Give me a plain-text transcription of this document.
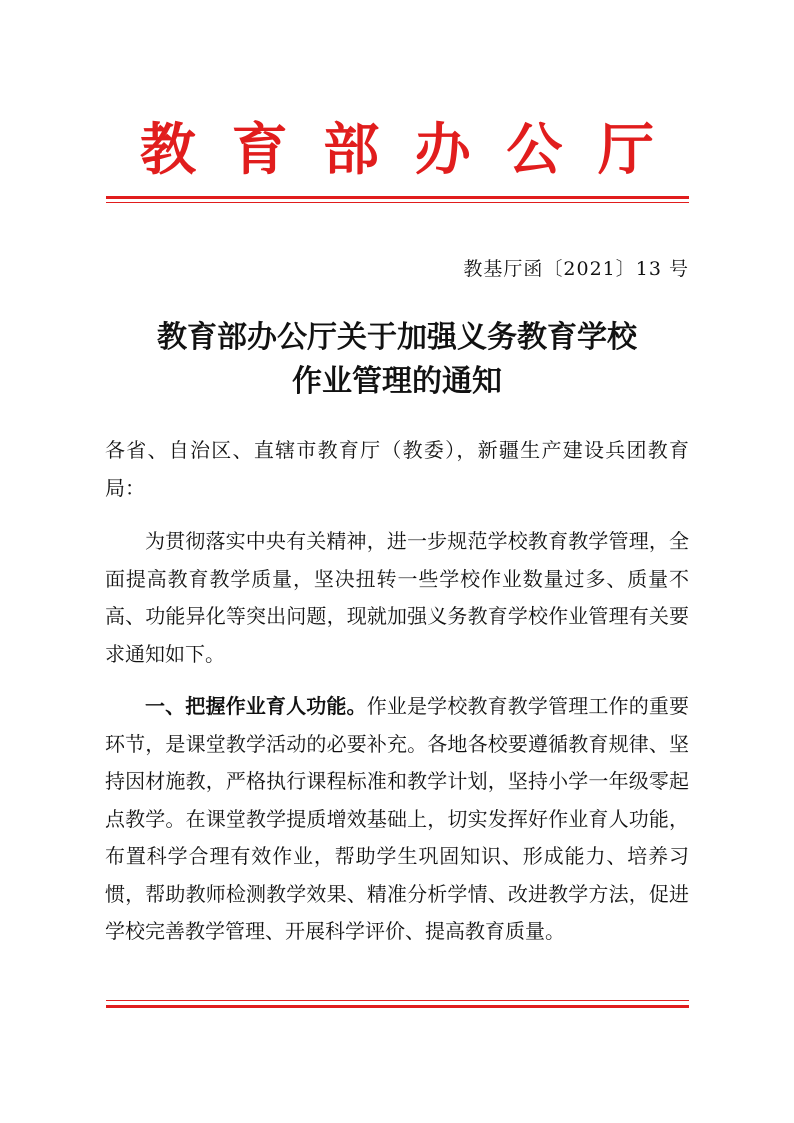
教 育 部 办 公 厅
教基厅函〔2021〕13 号
教育部办公厅关于加强义务教育学校
作业管理的通知

各省、自治区、直辖市教育厅（教委），新疆生产建设兵团教育局：

为贯彻落实中央有关精神，进一步规范学校教育教学管理，全面提高教育教学质量，坚决扭转一些学校作业数量过多、质量不高、功能异化等突出问题，现就加强义务教育学校作业管理有关要求通知如下。

一、把握作业育人功能。作业是学校教育教学管理工作的重要环节，是课堂教学活动的必要补充。各地各校要遵循教育规律、坚持因材施教，严格执行课程标准和教学计划，坚持小学一年级零起点教学。在课堂教学提质增效基础上，切实发挥好作业育人功能，布置科学合理有效作业，帮助学生巩固知识、形成能力、培养习惯，帮助教师检测教学效果、精准分析学情、改进教学方法，促进学校完善教学管理、开展科学评价、提高教育质量。
